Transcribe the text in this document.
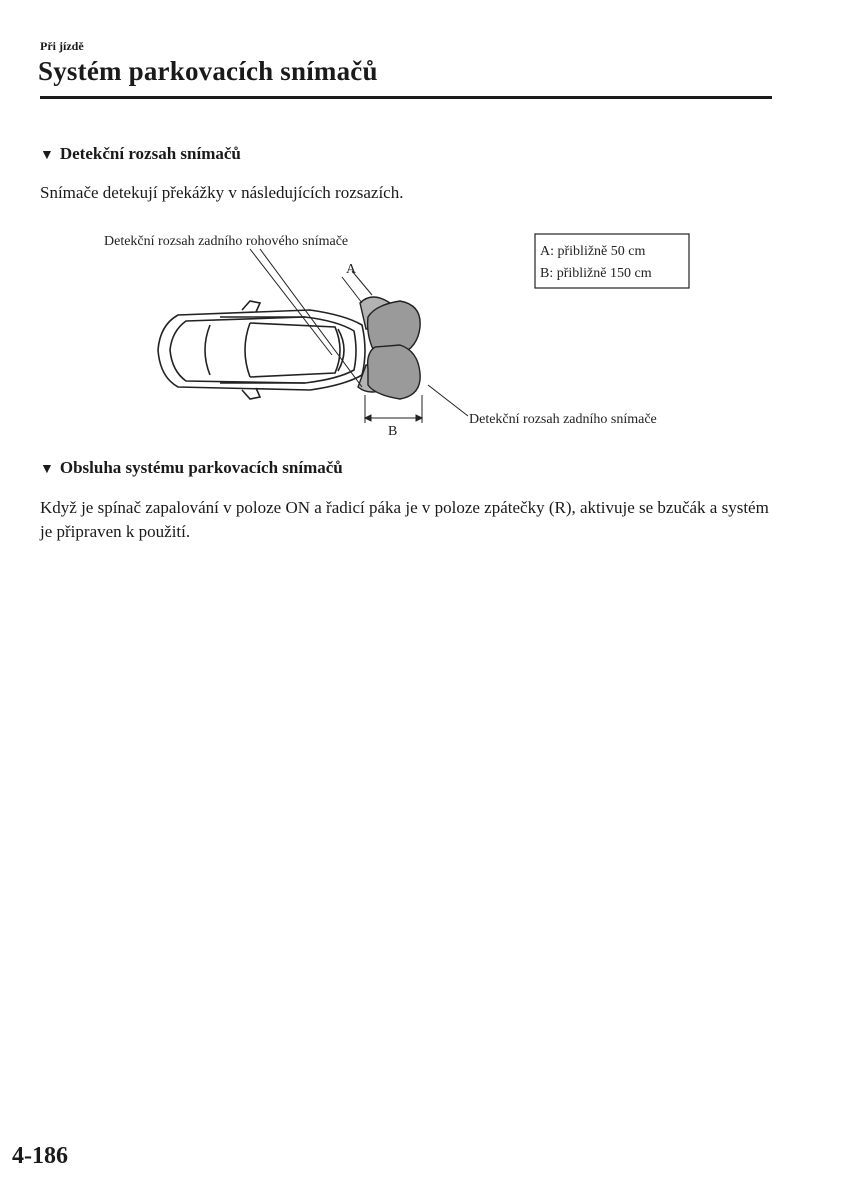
Při jízdě
Systém parkovacích snímačů
▼ Detekční rozsah snímačů
Snímače detekují překážky v následujících rozsazích.
Detekční rozsah zadního rohového snímače
A
B
Detekční rozsah zadního snímače
A: přibližně 50 cm
B: přibližně 150 cm
▼ Obsluha systému parkovacích snímačů
Když je spínač zapalování v poloze ON a řadicí páka je v poloze zpátečky (R), aktivuje se bzučák a systém je připraven k použití.
4-186
